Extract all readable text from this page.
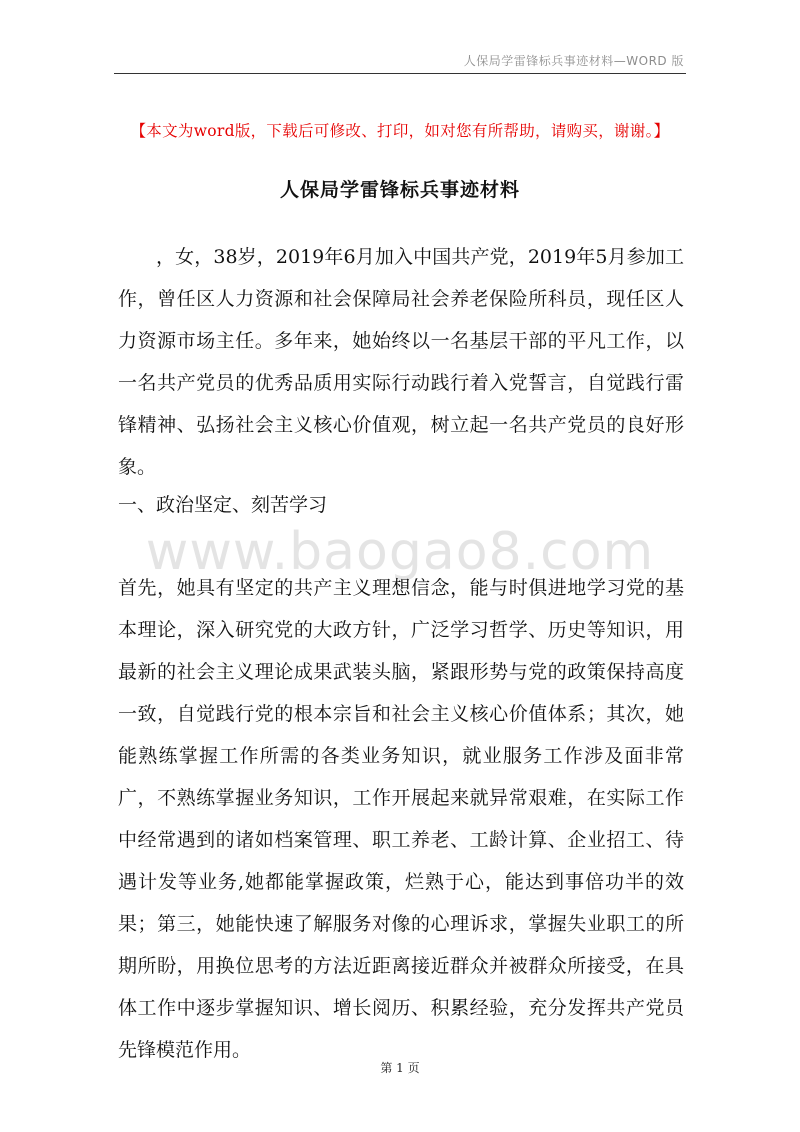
人保局学雷锋标兵事迹材料—WORD 版
【本文为word版，下载后可修改、打印，如对您有所帮助，请购买，谢谢。】
人保局学雷锋标兵事迹材料

，女，38岁，2019年6月加入中国共产党，2019年5月参加工作，曾任区人力资源和社会保障局社会养老保险所科员，现任区人力资源市场主任。多年来，她始终以一名基层干部的平凡工作，以一名共产党员的优秀品质用实际行动践行着入党誓言，自觉践行雷锋精神、弘扬社会主义核心价值观，树立起一名共产党员的良好形象。

一、政治坚定、刻苦学习
www.baogao8.com

首先，她具有坚定的共产主义理想信念，能与时俱进地学习党的基本理论，深入研究党的大政方针，广泛学习哲学、历史等知识，用最新的社会主义理论成果武装头脑，紧跟形势与党的政策保持高度一致，自觉践行党的根本宗旨和社会主义核心价值体系；其次，她能熟练掌握工作所需的各类业务知识，就业服务工作涉及面非常广，不熟练掌握业务知识，工作开展起来就异常艰难，在实际工作中经常遇到的诸如档案管理、职工养老、工龄计算、企业招工、待遇计发等业务,她都能掌握政策，烂熟于心，能达到事倍功半的效果；第三，她能快速了解服务对像的心理诉求，掌握失业职工的所期所盼，用换位思考的方法近距离接近群众并被群众所接受，在具体工作中逐步掌握知识、增长阅历、积累经验，充分发挥共产党员先锋模范作用。

第 1 页
